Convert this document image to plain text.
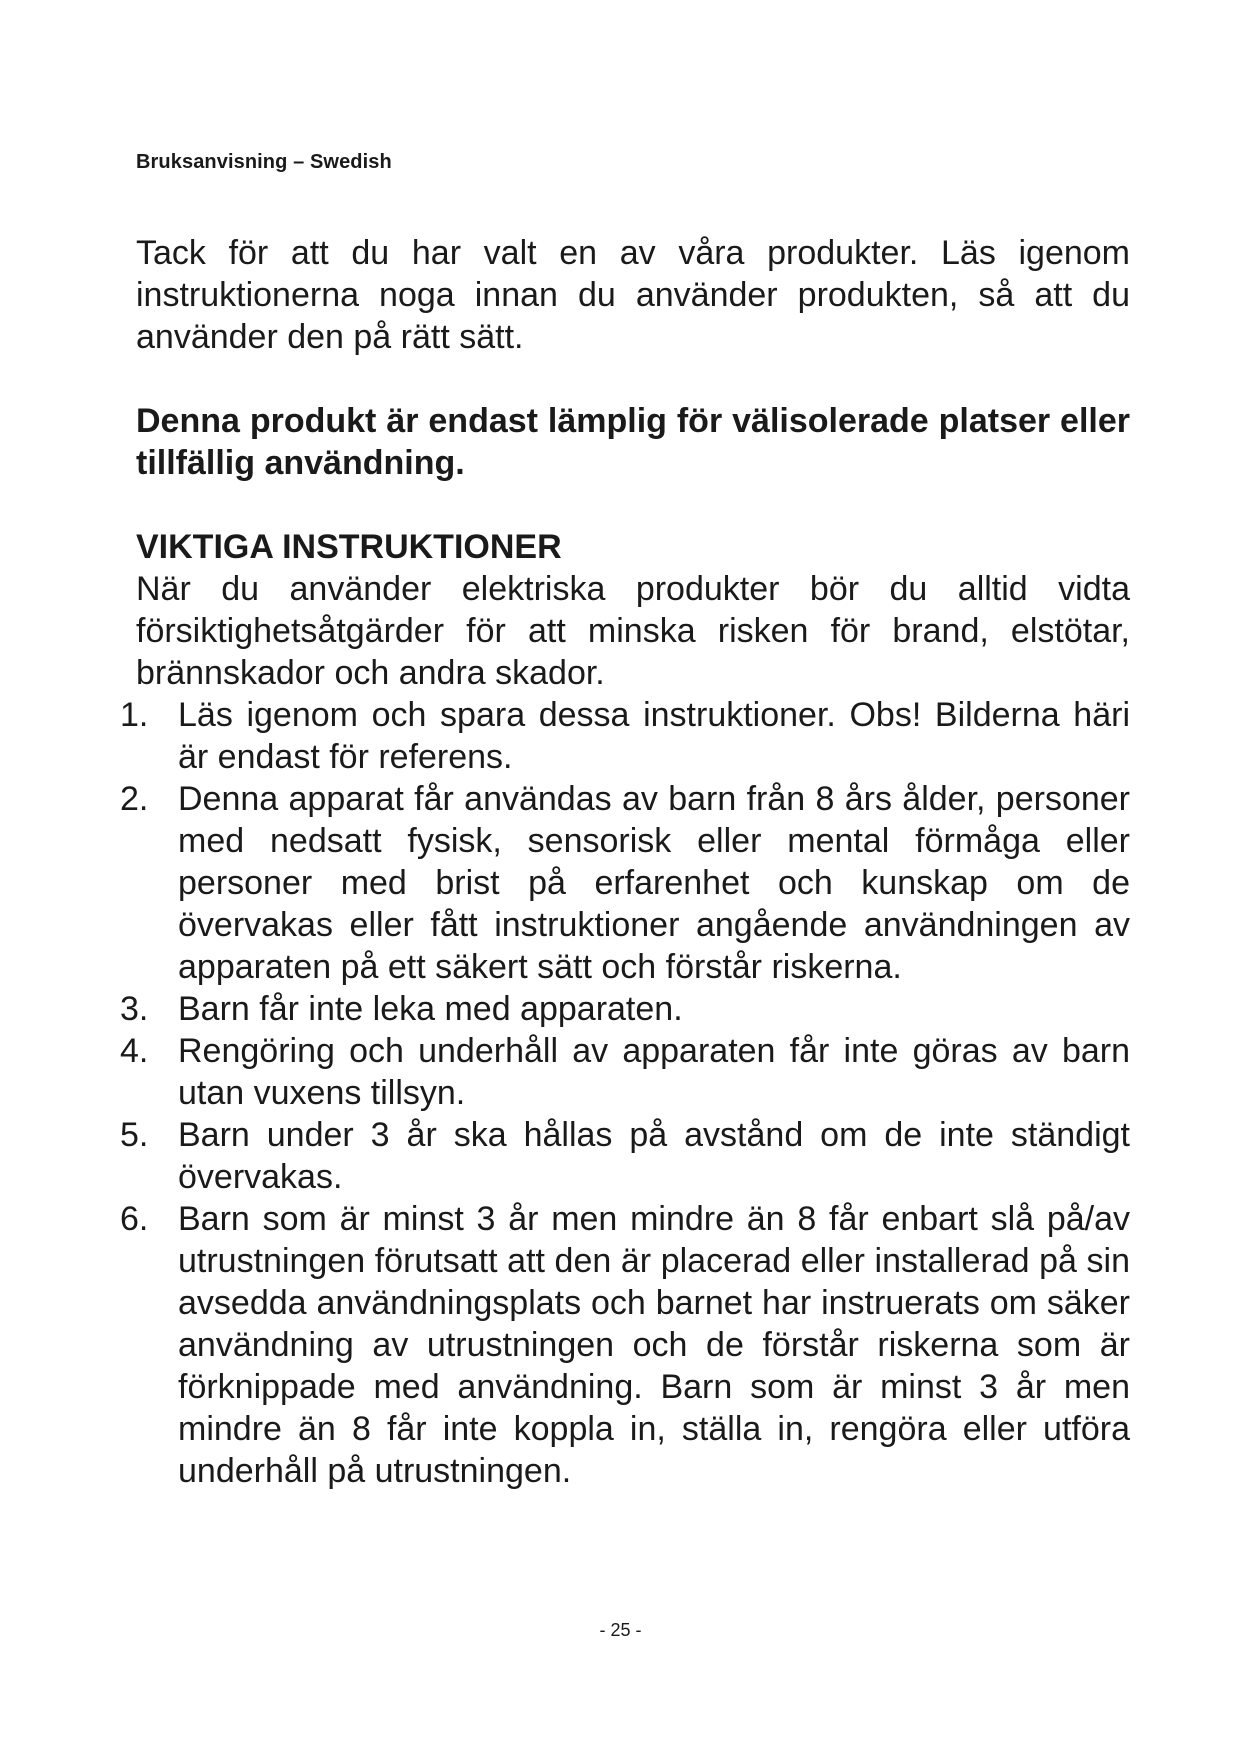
Bruksanvisning – Swedish

Tack för att du har valt en av våra produkter. Läs igenom instruktionerna noga innan du använder produkten, så att du använder den på rätt sätt.

Denna produkt är endast lämplig för välisolerade platser eller tillfällig användning.

VIKTIGA INSTRUKTIONER

När du använder elektriska produkter bör du alltid vidta försiktighetsåtgärder för att minska risken för brand, elstötar, brännskador och andra skador.

1. Läs igenom och spara dessa instruktioner. Obs! Bilderna häri är endast för referens.
2. Denna apparat får användas av barn från 8 års ålder, personer med nedsatt fysisk, sensorisk eller mental förmåga eller personer med brist på erfarenhet och kunskap om de övervakas eller fått instruktioner angående användningen av apparaten på ett säkert sätt och förstår riskerna.
3. Barn får inte leka med apparaten.
4. Rengöring och underhåll av apparaten får inte göras av barn utan vuxens tillsyn.
5. Barn under 3 år ska hållas på avstånd om de inte ständigt övervakas.
6. Barn som är minst 3 år men mindre än 8 får enbart slå på/av utrustningen förutsatt att den är placerad eller installerad på sin avsedda användningsplats och barnet har instruerats om säker användning av utrustningen och de förstår riskerna som är förknippade med användning. Barn som är minst 3 år men mindre än 8 får inte koppla in, ställa in, rengöra eller utföra underhåll på utrustningen.
- 25 -
